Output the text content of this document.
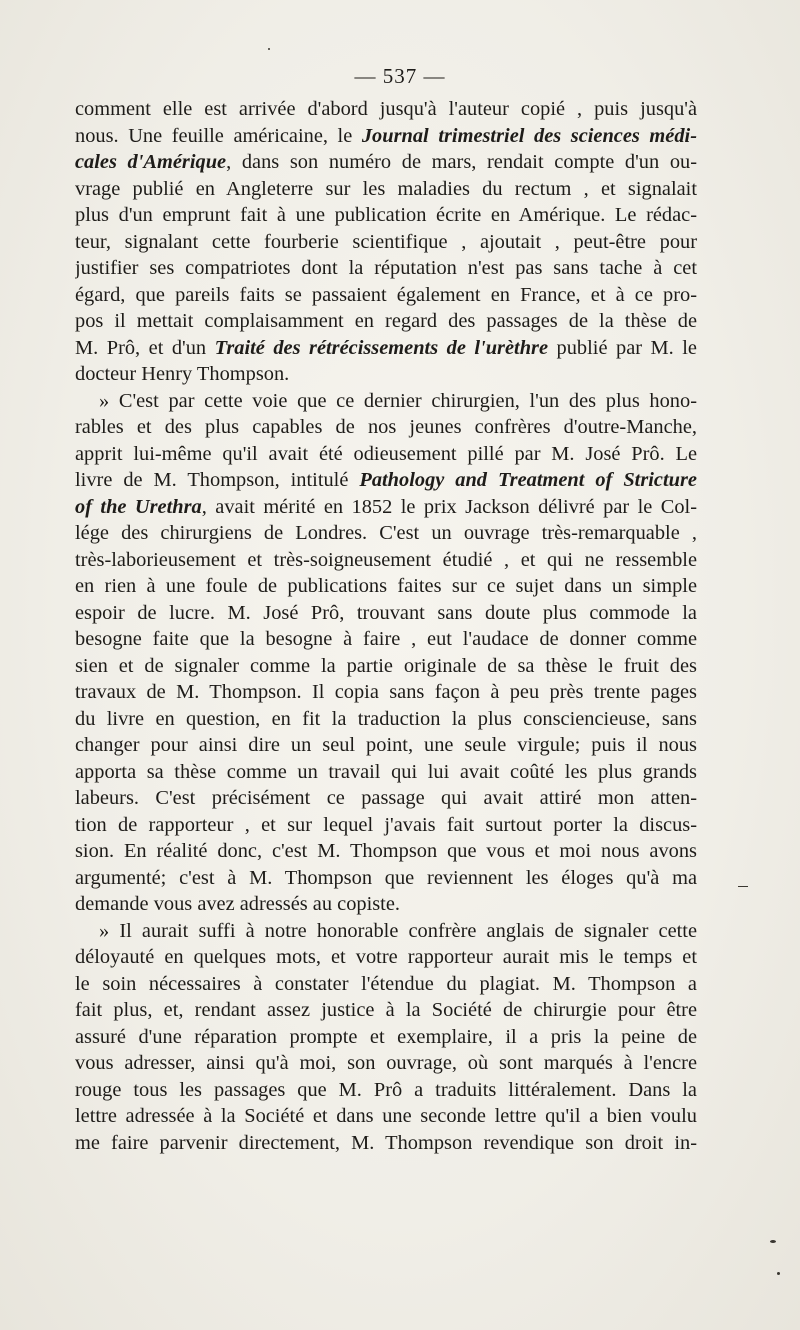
— 537 —
comment elle est arrivée d'abord jusqu'à l'auteur copié , puis jusqu'à
nous. Une feuille américaine, le Journal trimestriel des sciences médi-
cales d'Amérique, dans son numéro de mars, rendait compte d'un ou-
vrage publié en Angleterre sur les maladies du rectum , et signalait
plus d'un emprunt fait à une publication écrite en Amérique. Le rédac-
teur, signalant cette fourberie scientifique , ajoutait , peut-être pour
justifier ses compatriotes dont la réputation n'est pas sans tache à cet
égard, que pareils faits se passaient également en France, et à ce pro-
pos il mettait complaisamment en regard des passages de la thèse de
M. Prô, et d'un Traité des rétrécissements de l'urèthre publié par M. le
docteur Henry Thompson.
» C'est par cette voie que ce dernier chirurgien, l'un des plus hono-
rables et des plus capables de nos jeunes confrères d'outre-Manche,
apprit lui-même qu'il avait été odieusement pillé par M. José Prô. Le
livre de M. Thompson, intitulé Pathology and Treatment of Stricture
of the Urethra, avait mérité en 1852 le prix Jackson délivré par le Col-
lége des chirurgiens de Londres. C'est un ouvrage très-remarquable ,
très-laborieusement et très-soigneusement étudié , et qui ne ressemble
en rien à une foule de publications faites sur ce sujet dans un simple
espoir de lucre. M. José Prô, trouvant sans doute plus commode la
besogne faite que la besogne à faire , eut l'audace de donner comme
sien et de signaler comme la partie originale de sa thèse le fruit des
travaux de M. Thompson. Il copia sans façon à peu près trente pages
du livre en question, en fit la traduction la plus consciencieuse, sans
changer pour ainsi dire un seul point, une seule virgule; puis il nous
apporta sa thèse comme un travail qui lui avait coûté les plus grands
labeurs. C'est précisément ce passage qui avait attiré mon atten-
tion de rapporteur , et sur lequel j'avais fait surtout porter la discus-
sion. En réalité donc, c'est M. Thompson que vous et moi nous avons
argumenté; c'est à M. Thompson que reviennent les éloges qu'à ma
demande vous avez adressés au copiste.
» Il aurait suffi à notre honorable confrère anglais de signaler cette
déloyauté en quelques mots, et votre rapporteur aurait mis le temps et
le soin nécessaires à constater l'étendue du plagiat. M. Thompson a
fait plus, et, rendant assez justice à la Société de chirurgie pour être
assuré d'une réparation prompte et exemplaire, il a pris la peine de
vous adresser, ainsi qu'à moi, son ouvrage, où sont marqués à l'encre
rouge tous les passages que M. Prô a traduits littéralement. Dans la
lettre adressée à la Société et dans une seconde lettre qu'il a bien voulu
me faire parvenir directement, M. Thompson revendique son droit in-
